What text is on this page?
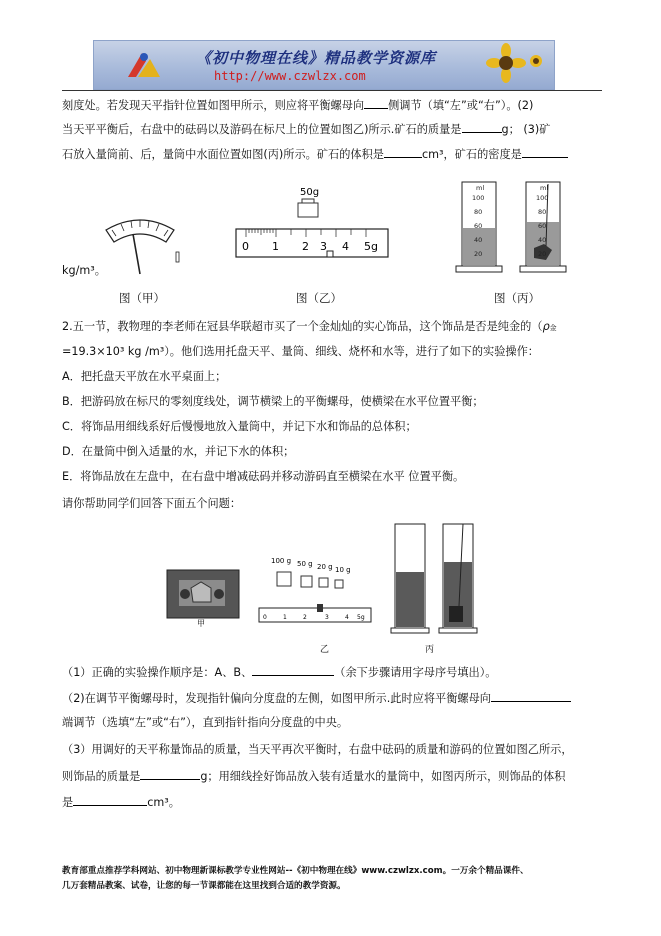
《初中物理在线》精品教学资源库
http://www.czwlzx.com
刻度处。若发现天平指针位置如图甲所示，则应将平衡螺母向 侧调节（填“左”或“右”）。(2)
当天平平衡后，右盘中的砝码以及游码在标尺上的位置如图乙)所示.矿石的质量是	g； (3)矿
石放入量筒前、后，量筒中水面位置如图(丙)所示。矿石的体积是	cm³，矿石的密度是
kg/m³。
50g
0 1 2 3 4 5g
ml
100
80
60
40
20
ml
100
80
60
40
20
图（甲）	图（乙）	图（丙）
2.五一节，教物理的李老师在冠县华联超市买了一个金灿灿的实心饰品，这个饰品是否是纯金的（ρ金
=19.3×10³ kg /m³）。他们选用托盘天平、量筒、细线、烧杯和水等，进行了如下的实验操作：
A．把托盘天平放在水平桌面上；
B．把游码放在标尺的零刻度线处，调节横梁上的平衡螺母，使横梁在水平位置平衡；
C．将饰品用细线系好后慢慢地放入量筒中，并记下水和饰品的总体积；
D．在量筒中倒入适量的水，并记下水的体积；
E．将饰品放在左盘中，在右盘中增减砝码并移动游码直至横梁在水平 位置平衡。
请你帮助同学们回答下面五个问题：
甲
100 g 50 g 20 g 10 g
0	1	2	3	4 5g
乙	丙
（1）正确的实验操作顺序是：A、B、	（余下步骤请用字母序号填出）。
（2)在调节平衡螺母时，发现指针偏向分度盘的左侧，如图甲所示.此时应将平衡螺母向
端调节（选填“左”或“右”），直到指针指向分度盘的中央。
（3）用调好的天平称量饰品的质量，当天平再次平衡时，右盘中砝码的质量和游码的位置如图乙所示，
则饰品的质量是	g；用细线拴好饰品放入装有适量水的量筒中，如图丙所示，则饰品的体积
是	cm³。
教育部重点推荐学科网站、初中物理新课标教学专业性网站--《初中物理在线》www.czwlzx.com。一万余个精品课件、
几万套精品教案、试卷，让您的每一节课都能在这里找到合适的教学资源。
